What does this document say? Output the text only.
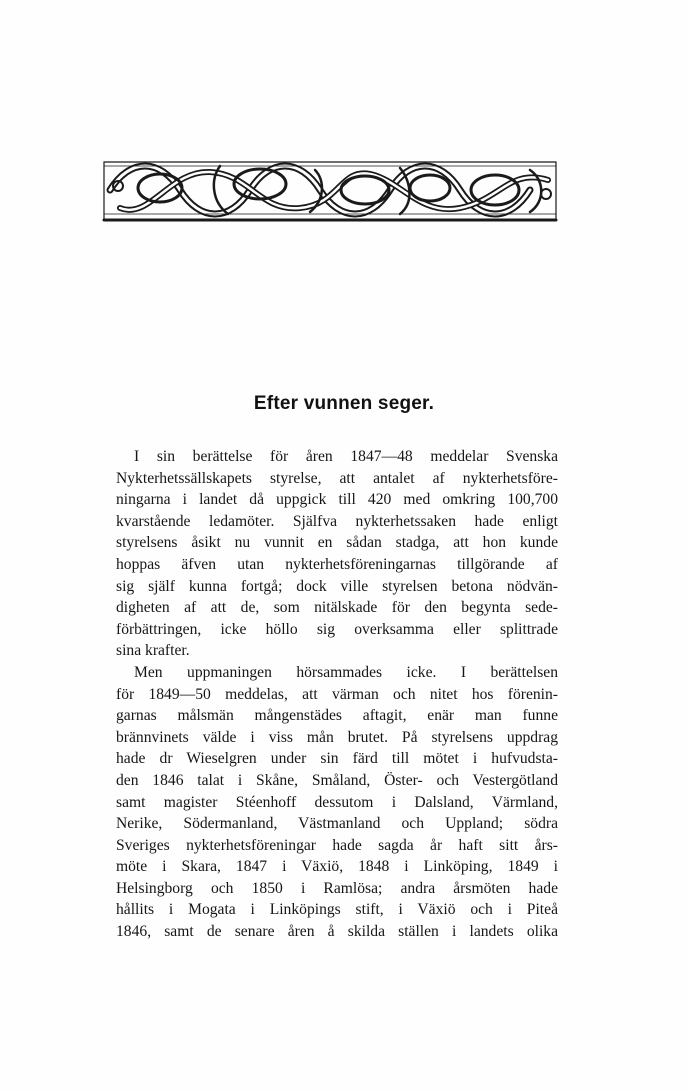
Efter vunnen seger.
I sin berättelse för åren 1847—48 meddelar Svenska
Nykterhetssällskapets styrelse, att antalet af nykterhetsföre-
ningarna i landet då uppgick till 420 med omkring 100,700
kvarstående ledamöter. Själfva nykterhetssaken hade enligt
styrelsens åsikt nu vunnit en sådan stadga, att hon kunde
hoppas äfven utan nykterhetsföreningarnas tillgörande af
sig själf kunna fortgå; dock ville styrelsen betona nödvän-
digheten af att de, som nitälskade för den begynta sede-
förbättringen, icke höllo sig overksamma eller splittrade
sina krafter.
Men uppmaningen hörsammades icke. I berättelsen
för 1849—50 meddelas, att värman och nitet hos förenin-
garnas målsmän mångenstädes aftagit, enär man funne
brännvinets välde i viss mån brutet. På styrelsens uppdrag
hade dr Wieselgren under sin färd till mötet i hufvudsta-
den 1846 talat i Skåne, Småland, Öster- och Vestergötland
samt magister Stéenhoff dessutom i Dalsland, Värmland,
Nerike, Södermanland, Västmanland och Uppland; södra
Sveriges nykterhetsföreningar hade sagda år haft sitt års-
möte i Skara, 1847 i Växiö, 1848 i Linköping, 1849 i
Helsingborg och 1850 i Ramlösa; andra årsmöten hade
hållits i Mogata i Linköpings stift, i Växiö och i Piteå
1846, samt de senare åren å skilda ställen i landets olika
